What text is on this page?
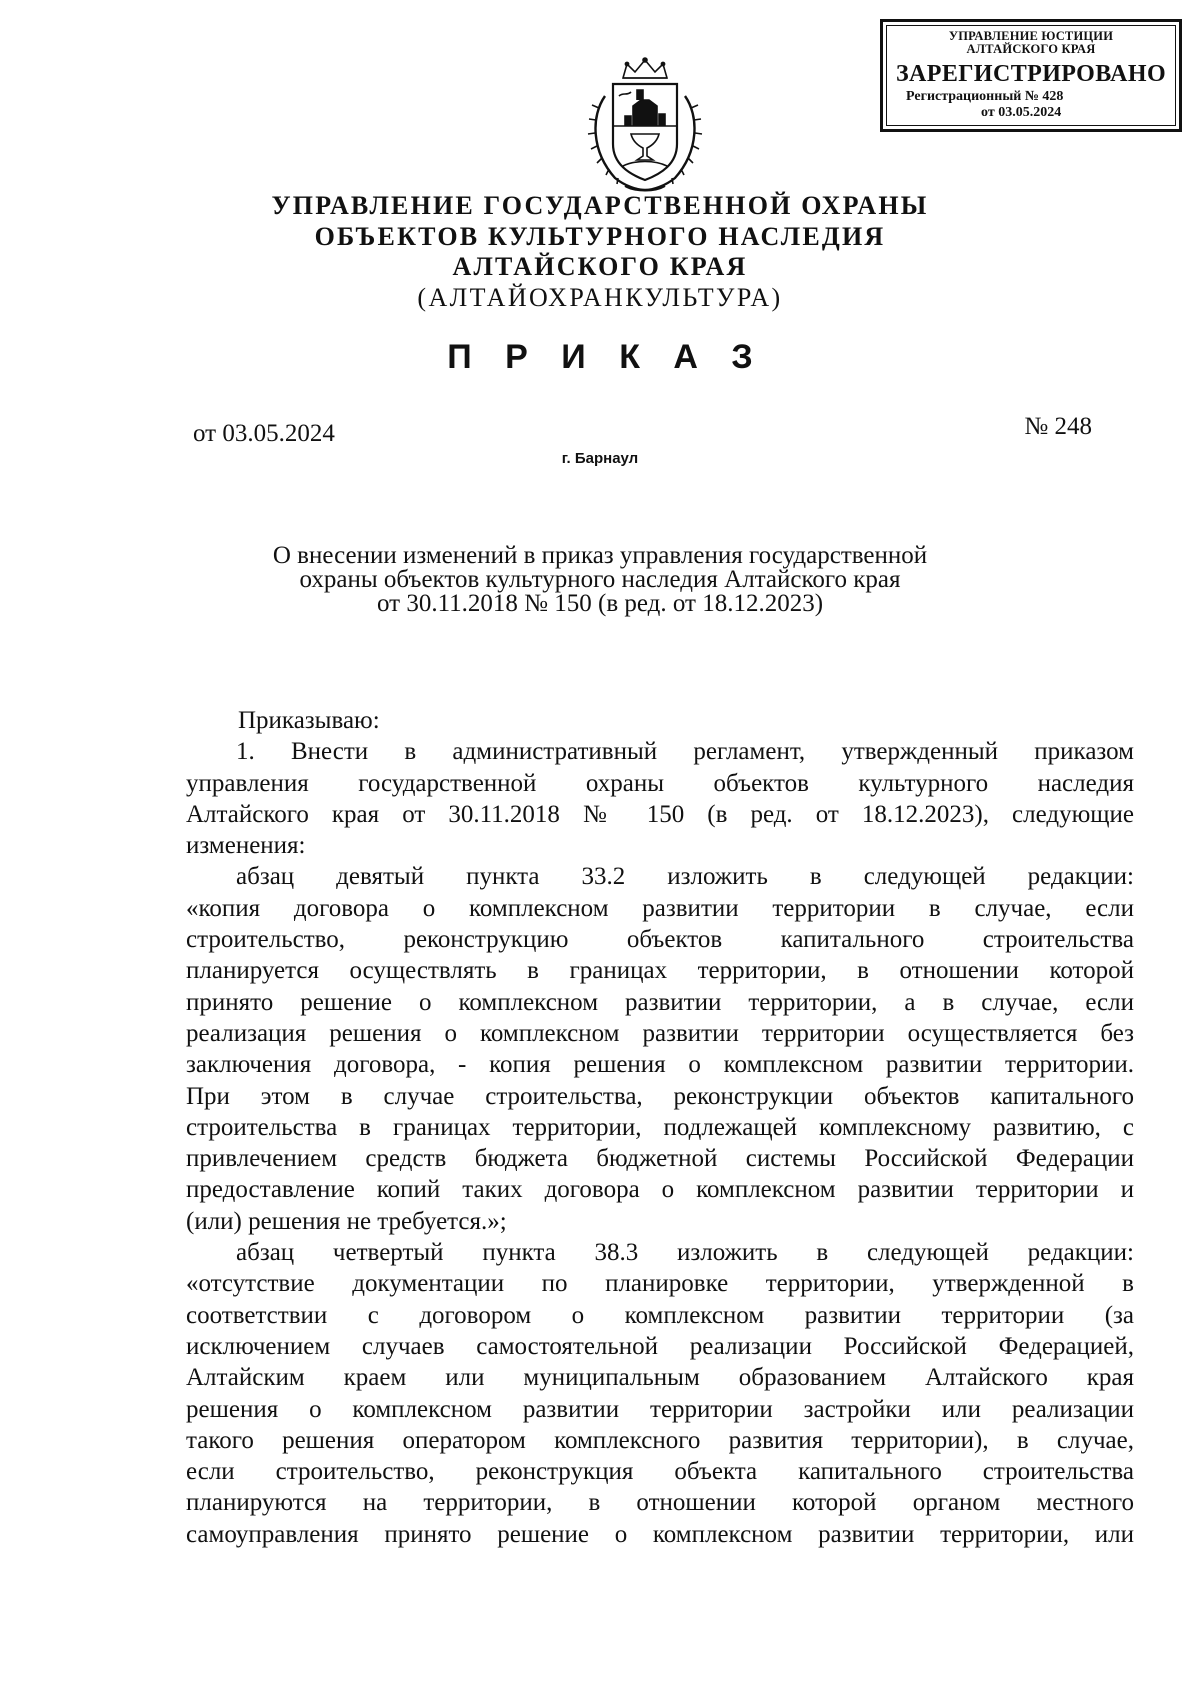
УПРАВЛЕНИЕ ЮСТИЦИИ
АЛТАЙСКОГО КРАЯ
ЗАРЕГИСТРИРОВАНО
Регистрационный № 428
от 03.05.2024
УПРАВЛЕНИЕ ГОСУДАРСТВЕННОЙ ОХРАНЫ
ОБЪЕКТОВ КУЛЬТУРНОГО НАСЛЕДИЯ
АЛТАЙСКОГО КРАЯ
(АЛТАЙОХРАНКУЛЬТУРА)
П Р И К А З
от 03.05.2024	№ 248
г. Барнаул
О внесении изменений в приказ управления государственной
охраны объектов культурного наследия Алтайского края
от 30.11.2018 № 150 (в ред. от 18.12.2023)

Приказываю:

1. Внести в административный регламент, утвержденный приказом

управления государственной охраны объектов культурного наследия

Алтайского края от 30.11.2018 № 150 (в ред. от 18.12.2023), следующие

изменения:

абзац девятый пункта 33.2 изложить в следующей редакции:

«копия договора о комплексном развитии территории в случае, если

строительство, реконструкцию объектов капитального строительства

планируется осуществлять в границах территории, в отношении которой

принято решение о комплексном развитии территории, а в случае, если

реализация решения о комплексном развитии территории осуществляется без

заключения договора, - копия решения о комплексном развитии территории.

При этом в случае строительства, реконструкции объектов капитального

строительства в границах территории, подлежащей комплексному развитию, с

привлечением средств бюджета бюджетной системы Российской Федерации

предоставление копий таких договора о комплексном развитии территории и

(или) решения не требуется.»;

абзац четвертый пункта 38.3 изложить в следующей редакции:

«отсутствие документации по планировке территории, утвержденной в

соответствии с договором о комплексном развитии территории (за

исключением случаев самостоятельной реализации Российской Федерацией,

Алтайским краем или муниципальным образованием Алтайского края

решения о комплексном развитии территории застройки или реализации

такого решения оператором комплексного развития территории), в случае,

если строительство, реконструкция объекта капитального строительства

планируются на территории, в отношении которой органом местного

самоуправления принято решение о комплексном развитии территории, или
